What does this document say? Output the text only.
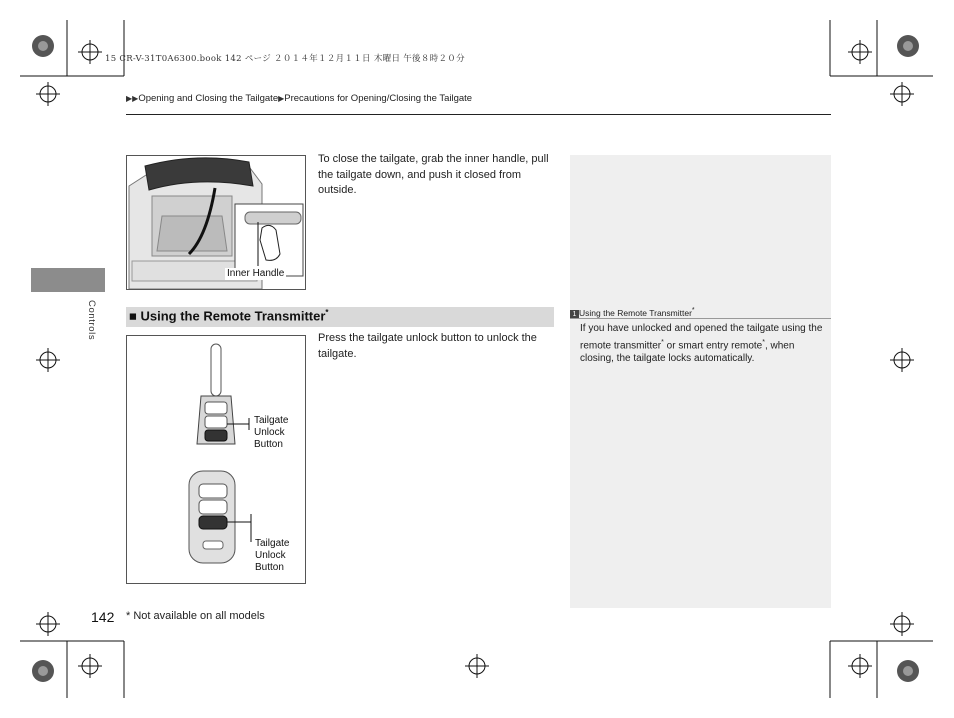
15 CR-V-31T0A6300.book 142 ページ ２０１４年１２月１１日 木曜日 午後８時２０分
▶▶Opening and Closing the Tailgate▶Precautions for Opening/Closing the Tailgate
Controls
Inner Handle
To close the tailgate, grab the inner handle, pull the tailgate down, and push it closed from outside.
■ Using the Remote Transmitter*
Tailgate
Unlock
Button
Tailgate
Unlock
Button
Press the tailgate unlock button to unlock the tailgate.
1 Using the Remote Transmitter*
If you have unlocked and opened the tailgate using the remote transmitter* or smart entry remote*, when closing, the tailgate locks automatically.
142 * Not available on all models
